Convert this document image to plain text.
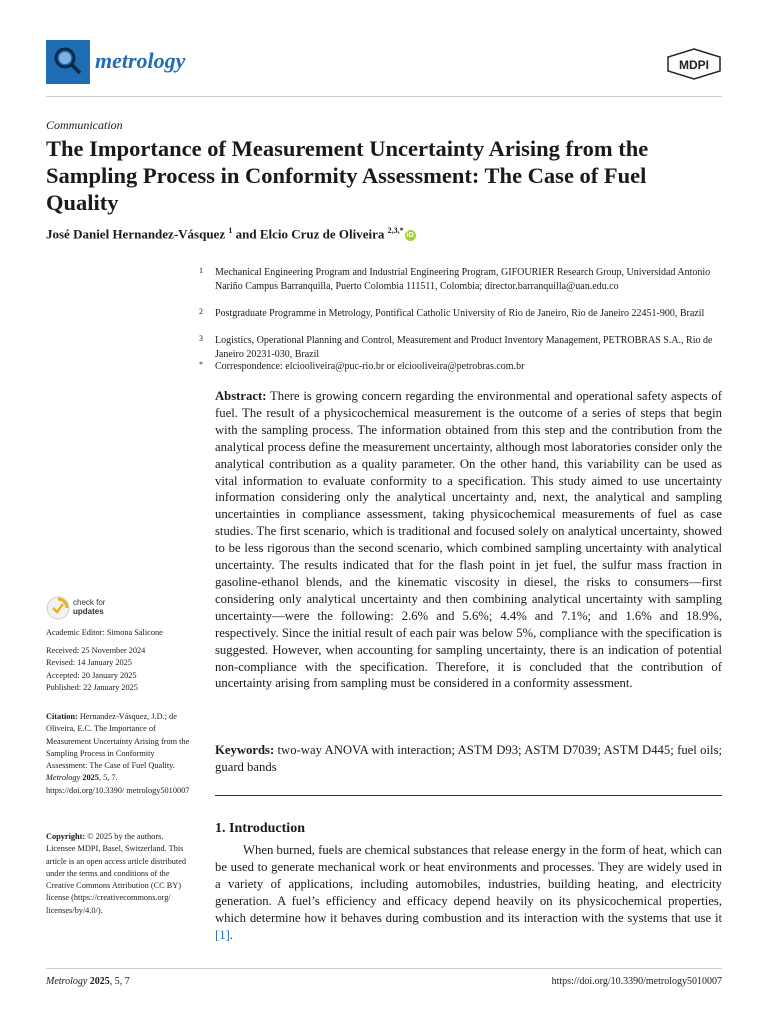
metrology	MDPI
Communication
The Importance of Measurement Uncertainty Arising from the Sampling Process in Conformity Assessment: The Case of Fuel Quality
José Daniel Hernandez-Vásquez $^1$ and Elcio Cruz de Oliveira $^{2,3,*}$iD
1 Mechanical Engineering Program and Industrial Engineering Program, GIFOURIER Research Group, Universidad Antonio Nariño Campus Barranquilla, Puerto Colombia 111511, Colombia; director.barranquilla@uan.edu.co
2 Postgraduate Programme in Metrology, Pontifical Catholic University of Rio de Janeiro, Rio de Janeiro 22451-900, Brazil
3 Logistics, Operational Planning and Control, Measurement and Product Inventory Management, PETROBRAS S.A., Rio de Janeiro 20231-030, Brazil
* Correspondence: elciooliveira@puc-rio.br or elciooliveira@petrobras.com.br
Abstract: There is growing concern regarding the environmental and operational safety aspects of fuel. The result of a physicochemical measurement is the outcome of a series of steps that begin with the sampling process. The information obtained from this step and the contribution from the analytical process define the measurement uncertainty, although most laboratories consider only the analytical contribution as a quality parameter. On the other hand, this variability can be used as vital information to evaluate conformity to a specification. This study aimed to use uncertainty information considering only the analytical uncertainty and, next, the analytical and sampling uncertainties in compliance assessment, taking physicochemical measurements of fuel as case studies. The first scenario, which is traditional and focused solely on analytical uncertainty, showed to be less rigorous than the second scenario, which combined sampling uncertainty with analytical uncertainty. The results indicated that for the flash point in jet fuel, the sulfur mass fraction in gasoline-ethanol blends, and the kinematic viscosity in diesel, the risks to consumers—first considering only analytical uncertainty and then combining analytical uncertainty with sampling uncertainty—were the following: 2.6% and 5.6%; 4.4% and 7.1%; and 1.6% and 18.9%, respectively. Since the initial result of each pair was below 5%, compliance with the specification is suggested. However, when accounting for sampling uncertainty, there is an indication of potential non-compliance with the specification. Therefore, it is concluded that the contribution of uncertainty arising from sampling must be considered in a conformity assessment.
Keywords: two-way ANOVA with interaction; ASTM D93; ASTM D7039; ASTM D445; fuel oils; guard bands
1. Introduction
When burned, fuels are chemical substances that release energy in the form of heat, which can be used to generate mechanical work or heat environments and processes. They are widely used in a variety of applications, including automobiles, industries, building heating, and electricity generation. A fuel’s efficiency and efficacy depend heavily on its physicochemical properties, which determine how it behaves during combustion and its interaction with the systems that use it [1].
check for
updates
Academic Editor: Simona Salicone
Received: 25 November 2024
Revised: 14 January 2025
Accepted: 20 January 2025
Published: 22 January 2025
Citation: Hernandez-Vásquez, J.D.; de Oliveira, E.C. The Importance of Measurement Uncertainty Arising from the Sampling Process in Conformity Assessment: The Case of Fuel Quality. Metrology 2025, 5, 7. https://doi.org/10.3390/ metrology5010007
Copyright: © 2025 by the authors. Licensee MDPI, Basel, Switzerland. This article is an open access article distributed under the terms and conditions of the Creative Commons Attribution (CC BY) license (https://creativecommons.org/ licenses/by/4.0/).
Metrology 2025, 5, 7	https://doi.org/10.3390/metrology5010007
